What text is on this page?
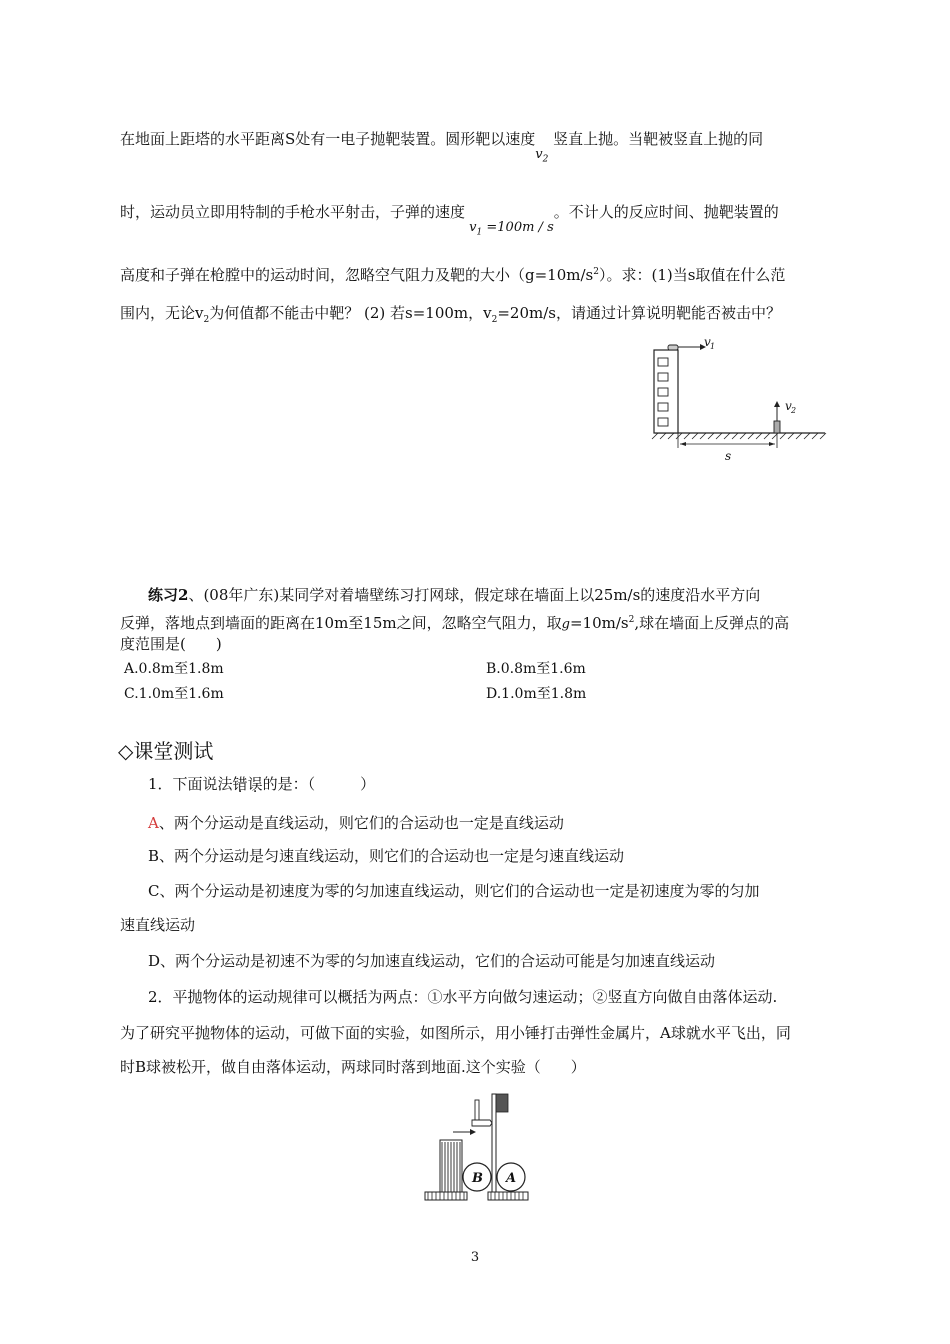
在地面上距塔的水平距离S处有一电子抛靶装置。圆形靶以速度$v_2$ 竖直上抛。当靶被竖直上抛的同
时，运动员立即用特制的手枪水平射击，子弹的速度 $v_1 =100m / s$。不计人的反应时间、抛靶装置的
高度和子弹在枪膛中的运动时间，忽略空气阻力及靶的大小$(g=10m/s^2)$。求：(1)当s取值在什么范
围内，无论$v_2$为何值都不能击中靶？ (2) 若s=100m，$v_2=20m/s$，请通过计算说明靶能否被击中？
v 1
v 2
s
练习2、(08年广东)某同学对着墙壁练习打网球，假定球在墙面上以25m/s的速度沿水平方向
反弹，落地点到墙面的距离在10m至15m之间，忽略空气阻力，取$g=10m/s^2$,球在墙面上反弹点的高
度范围是(　　)
A.0.8m至1.8m	B.0.8m至1.6m
C.1.0m至1.6m	D.1.0m至1.8m
◇课堂测试
1．下面说法错误的是：（　　　）
A、两个分运动是直线运动，则它们的合运动也一定是直线运动
B、两个分运动是匀速直线运动，则它们的合运动也一定是匀速直线运动
C、两个分运动是初速度为零的匀加速直线运动，则它们的合运动也一定是初速度为零的匀加
速直线运动
D、两个分运动是初速不为零的匀加速直线运动，它们的合运动可能是匀加速直线运动
2．平抛物体的运动规律可以概括为两点：①水平方向做匀速运动；②竖直方向做自由落体运动.
为了研究平抛物体的运动，可做下面的实验，如图所示，用小锤打击弹性金属片，A球就水平飞出，同
时B球被松开，做自由落体运动，两球同时落到地面.这个实验（　　）
B A
3
